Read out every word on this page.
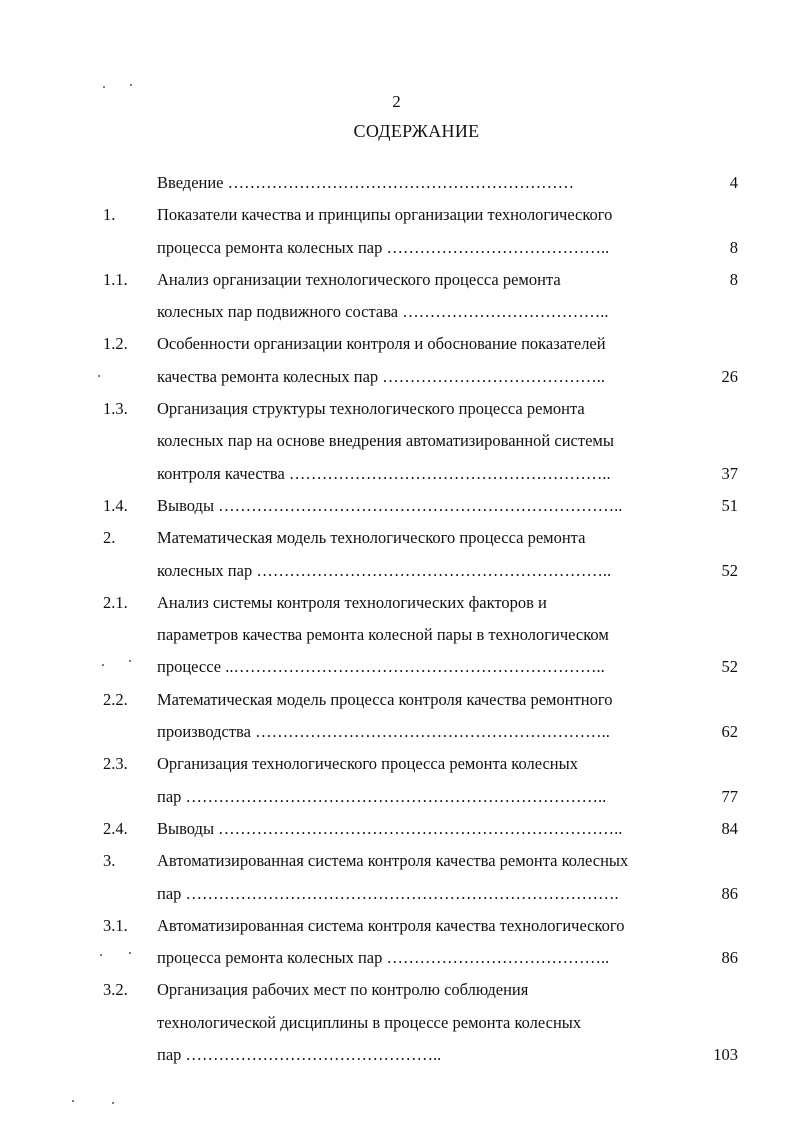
2
СОДЕРЖАНИЕ
Введение ………………………………………………………	4
1.	Показатели качества и принципы организации технологического
процесса ремонта колесных пар …………………………………..	8
1.1. Анализ организации технологического процесса ремонта	8
колесных пар подвижного состава ………………………………..
1.2. Особенности организации контроля и обоснование показателей
качества ремонта колесных пар …………………………………..	26
1.3. Организация структуры технологического процесса ремонта
колесных пар на основе внедрения автоматизированной системы
контроля качества …………………………………………………..	37
1.4. Выводы ………………………………………………………………..	51
2.	Математическая модель технологического процесса ремонта
колесных пар ………………………………………………………..	52
2.1. Анализ системы контроля технологических факторов и
параметров качества ремонта колесной пары в технологическом
процессе ..…………………………………………………………..	52
2.2. Математическая модель процесса контроля качества ремонтного
производства ………………………………………………………..	62
2.3. Организация технологического процесса ремонта колесных
пар …………………………………………………………………..	77
2.4. Выводы ………………………………………………………………..	84
3.	Автоматизированная система контроля качества ремонта колесных
пар …………………………………………………………………….	86
3.1. Автоматизированная система контроля качества технологического
процесса ремонта колесных пар …………………………………..	86
3.2. Организация рабочих мест по контролю соблюдения
технологической дисциплины в процессе ремонта колесных
пар ………………………………………..	103
